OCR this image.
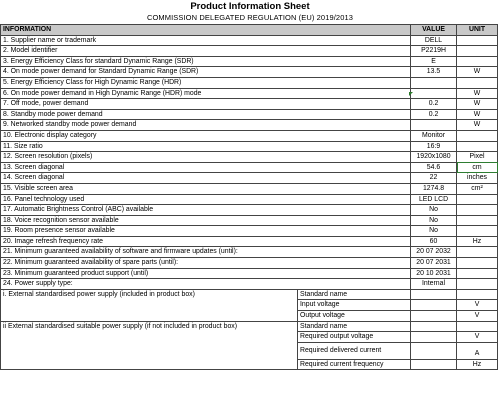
Product Information Sheet
COMMISSION DELEGATED REGULATION (EU) 2019/2013
INFORMATION		VALUE	UNIT
1. Supplier name or trademark		DELL	
2. Model identifier		P2219H	
3. Energy Efficiency Class for standard Dynamic Range (SDR)		E	
4. On mode power demand for Standard Dynamic Range (SDR)		13.5	W
5. Energy Efficiency Class for High Dynamic Range (HDR)			
6. On mode power demand in High Dynamic Range (HDR) mode			W
7. Off mode, power demand		0.2	W
8. Standby mode power demand		0.2	W
9. Networked standby mode power demand			W
10. Electronic display category		Monitor	
11. Size ratio		16:9	
12. Screen resolution (pixels)		1920x1080	Pixel
13. Screen diagonal		54.6	cm
14. Screen diagonal		22	inches
15. Visible screen area		1274.8	cm²
16. Panel technology used		LED LCD	
17. Automatic Brightness Control (ABC) available		No	
18. Voice recognition sensor available		No	
19. Room presence sensor available		No	
20. Image refresh frequency rate		60	Hz
21. Minimum guaranteed availability of software and firmware updates (until):		20 07 2032	
22. Minimum guaranteed availability of spare parts (until):		20 07 2031	
23. Minimum guaranteed product support (until)		20 10 2031	
24. Power supply type:		Internal	
i. External standardised power supply (included in product box)	Standard name		
	Input voltage		V
	Output voltage		V
ii External standardised suitable power supply (if not included in product box)	Standard name		
	Required output voltage		V
	Required delivered current		A
	Required current frequency		Hz
